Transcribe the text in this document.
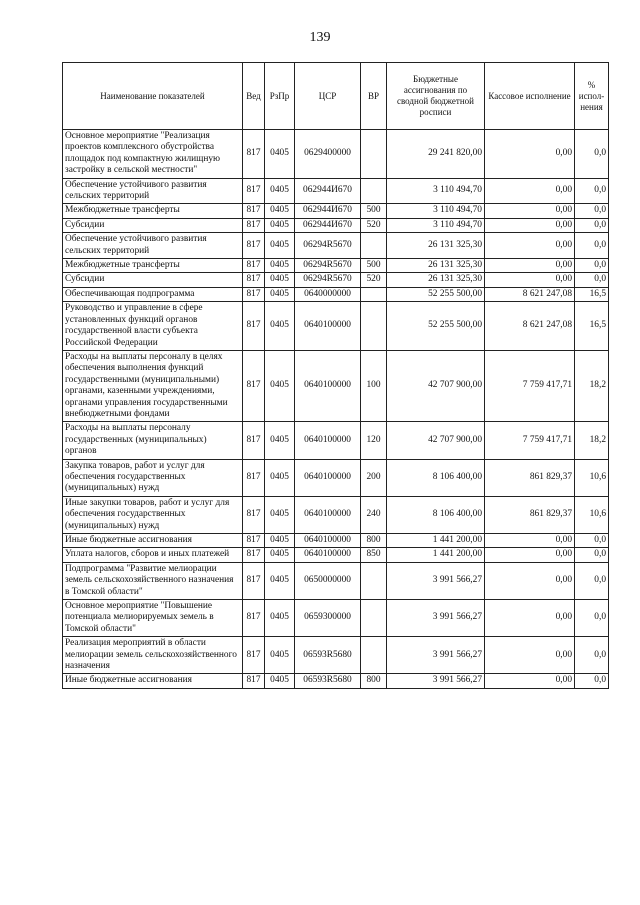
139
Наименование показателей	Вед	РзПр	ЦСР	ВР	Бюджетные ассигнования по сводной бюджетной росписи	Кассовое исполнение	% испол-нения
Основное мероприятие "Реализация проектов комплексного обустройства площадок под компактную жилищную застройку в сельской местности"	817	0405	0629400000		29 241 820,00	0,00	0,0
Обеспечение устойчивого развития сельских территорий	817	0405	062944И670		3 110 494,70	0,00	0,0
Межбюджетные трансферты	817	0405	062944И670	500	3 110 494,70	0,00	0,0
Субсидии	817	0405	062944И670	520	3 110 494,70	0,00	0,0
Обеспечение устойчивого развития сельских территорий	817	0405	06294R5670		26 131 325,30	0,00	0,0
Межбюджетные трансферты	817	0405	06294R5670	500	26 131 325,30	0,00	0,0
Субсидии	817	0405	06294R5670	520	26 131 325,30	0,00	0,0
Обеспечивающая подпрограмма	817	0405	0640000000		52 255 500,00	8 621 247,08	16,5
Руководство и управление в сфере установленных функций органов государственной власти субъекта Российской Федерации	817	0405	0640100000		52 255 500,00	8 621 247,08	16,5
Расходы на выплаты персоналу в целях обеспечения выполнения функций государственными (муниципальными) органами, казенными учреждениями, органами управления государственными внебюджетными фондами	817	0405	0640100000	100	42 707 900,00	7 759 417,71	18,2
Расходы на выплаты персоналу государственных (муниципальных) органов	817	0405	0640100000	120	42 707 900,00	7 759 417,71	18,2
Закупка товаров, работ и услуг для обеспечения государственных (муниципальных) нужд	817	0405	0640100000	200	8 106 400,00	861 829,37	10,6
Иные закупки товаров, работ и услуг для обеспечения государственных (муниципальных) нужд	817	0405	0640100000	240	8 106 400,00	861 829,37	10,6
Иные бюджетные ассигнования	817	0405	0640100000	800	1 441 200,00	0,00	0,0
Уплата налогов, сборов и иных платежей	817	0405	0640100000	850	1 441 200,00	0,00	0,0
Подпрограмма "Развитие мелиорации земель сельскохозяйственного назначения в Томской области"	817	0405	0650000000		3 991 566,27	0,00	0,0
Основное мероприятие "Повышение потенциала мелиорируемых земель в Томской области"	817	0405	0659300000		3 991 566,27	0,00	0,0
Реализация мероприятий в области мелиорации земель сельскохозяйственного назначения	817	0405	06593R5680		3 991 566,27	0,00	0,0
Иные бюджетные ассигнования	817	0405	06593R5680	800	3 991 566,27	0,00	0,0
